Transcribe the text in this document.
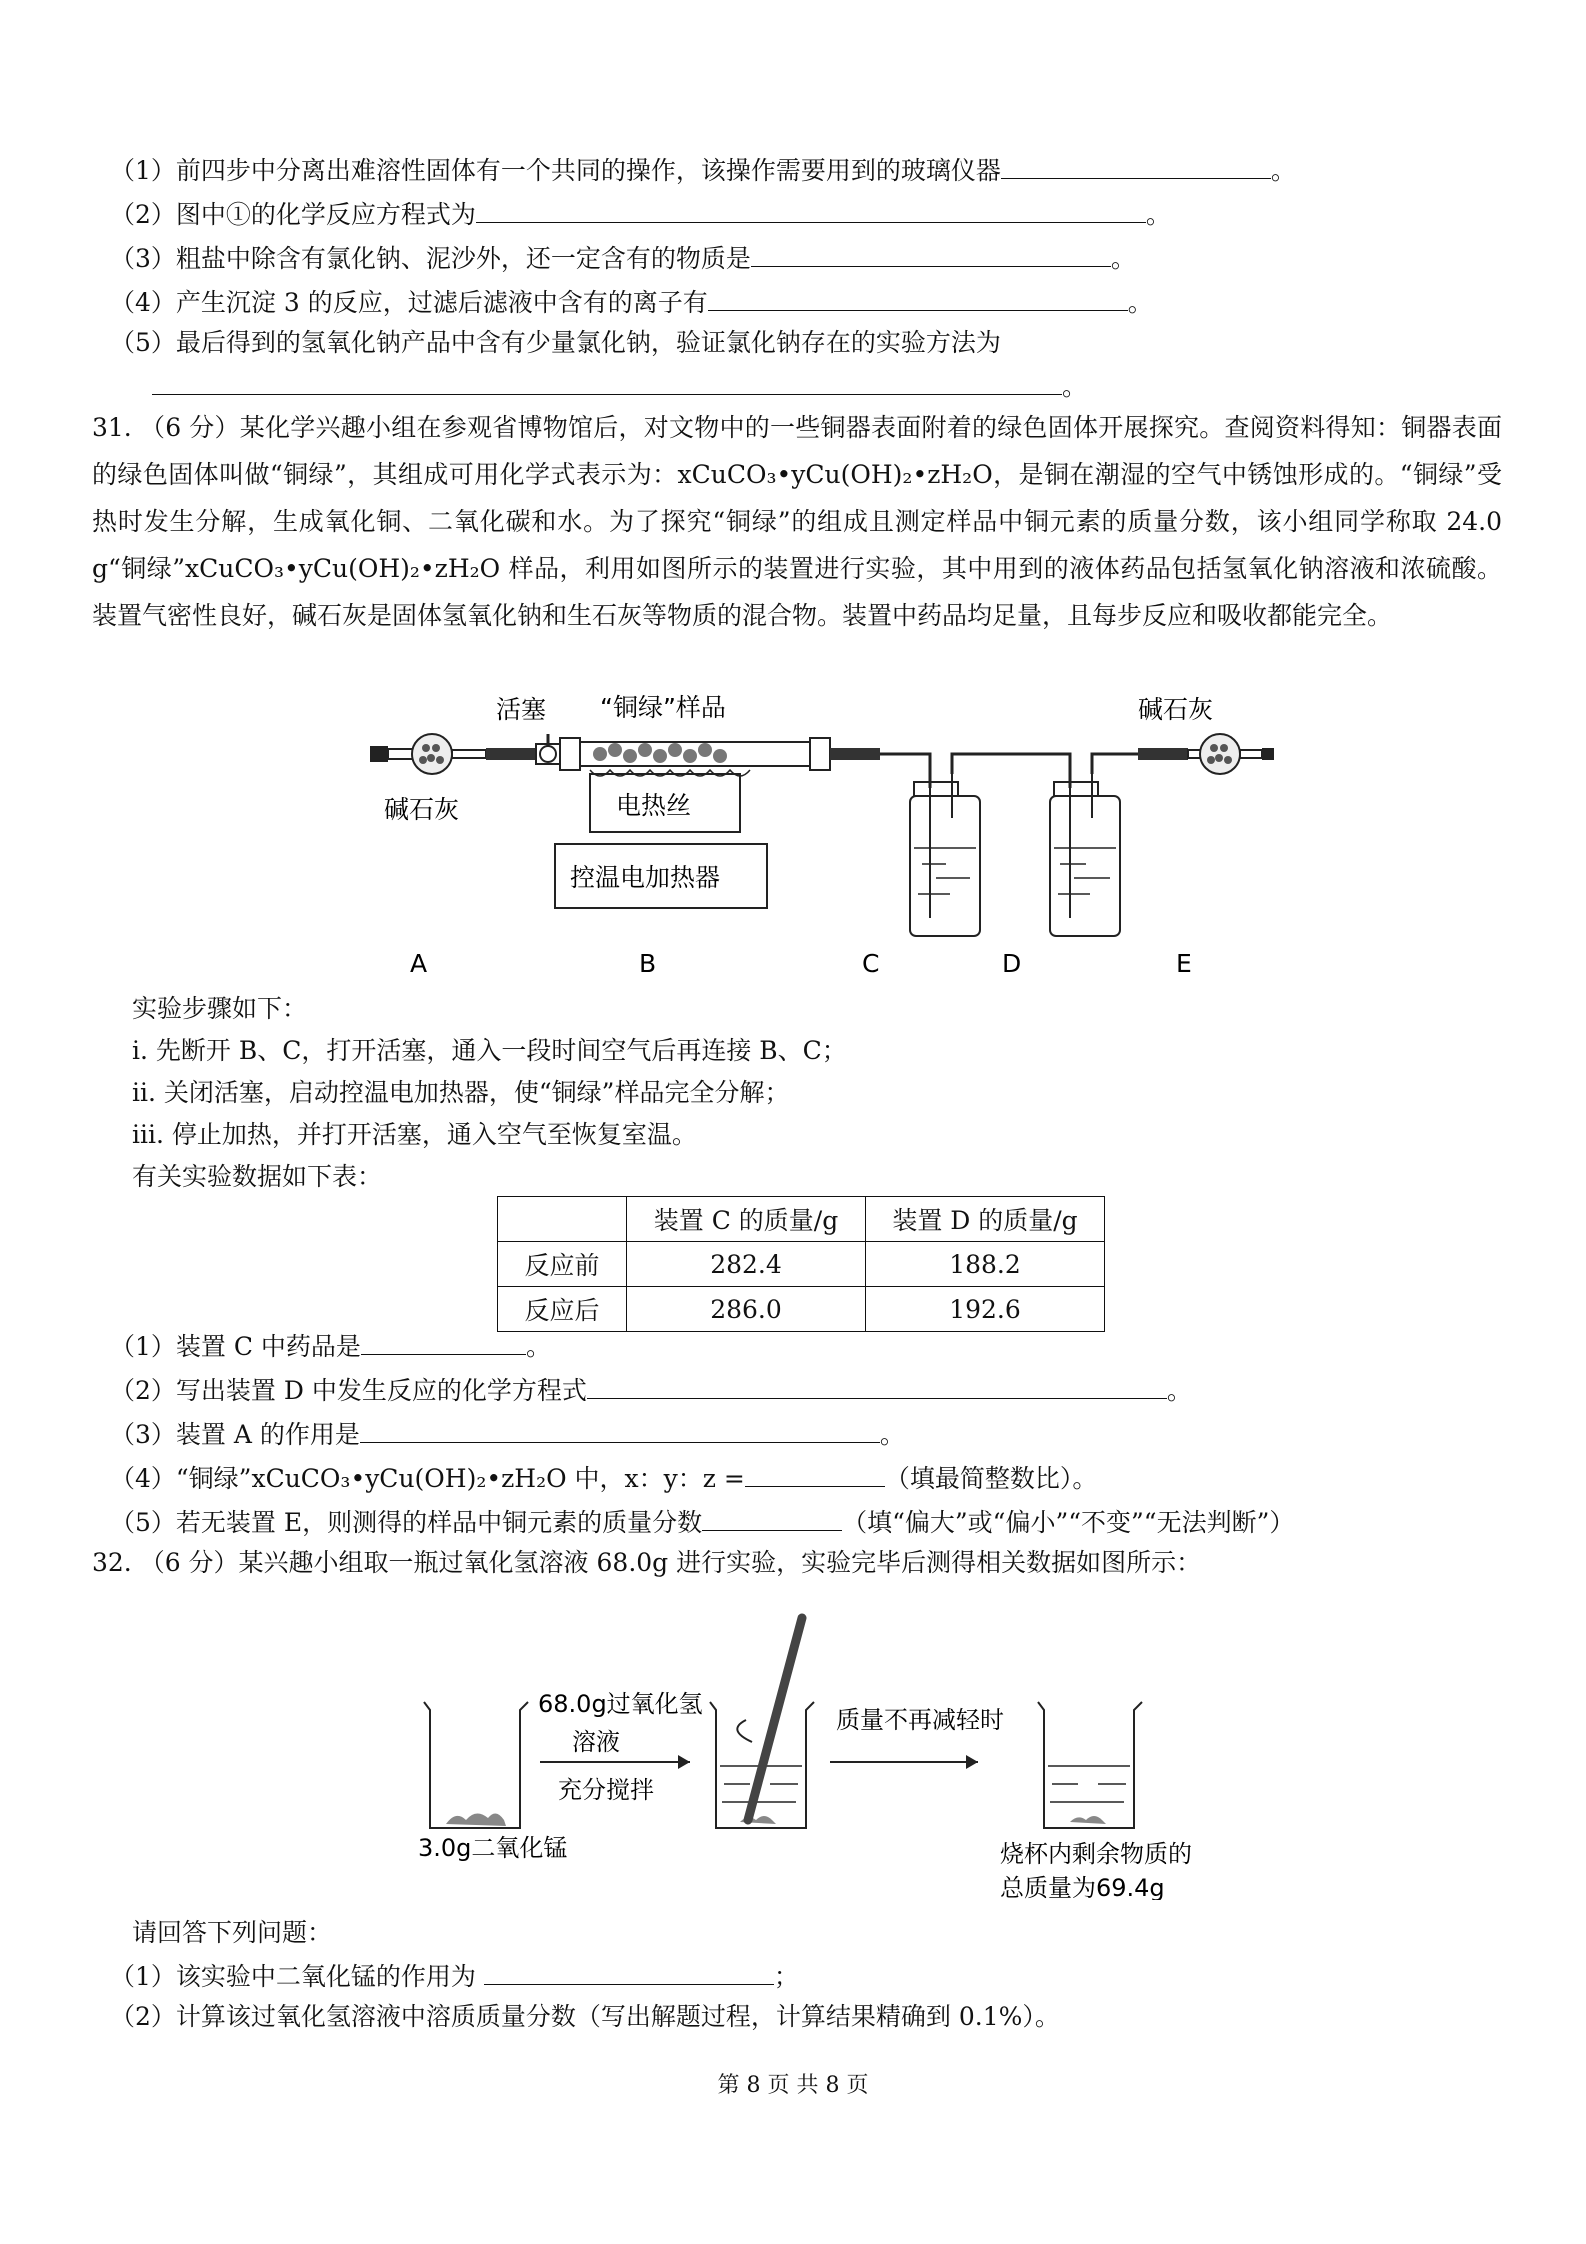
（1）前四步中分离出难溶性固体有一个共同的操作，该操作需要用到的玻璃仪器	。
（2）图中①的化学反应方程式为	。
（3）粗盐中除含有氯化钠、泥沙外，还一定含有的物质是	。
（4）产生沉淀 3 的反应，过滤后滤液中含有的离子有	。
（5）最后得到的氢氧化钠产品中含有少量氯化钠，验证氯化钠存在的实验方法为
。
31. （6 分）某化学兴趣小组在参观省博物馆后，对文物中的一些铜器表面附着的绿色固体开展探究。查阅资料得知：铜器表面的绿色固体叫做“铜绿”，其组成可用化学式表示为：xCuCO₃•yCu(OH)₂•zH₂O，是铜在潮湿的空气中锈蚀形成的。“铜绿”受热时发生分解，生成氧化铜、二氧化碳和水。为了探究“铜绿”的组成且测定样品中铜元素的质量分数，该小组同学称取 24.0 g“铜绿”xCuCO₃•yCu(OH)₂•zH₂O 样品，利用如图所示的装置进行实验，其中用到的液体药品包括氢氧化钠溶液和浓硫酸。装置气密性良好，碱石灰是固体氢氧化钠和生石灰等物质的混合物。装置中药品均足量，且每步反应和吸收都能完全。
活塞 “铜绿”样品	碱石灰
碱石灰	电热丝
控温电加热器
A	B	C	D	E
实验步骤如下：
ⅰ. 先断开 B、C，打开活塞，通入一段时间空气后再连接 B、C；
ⅱ. 关闭活塞，启动控温电加热器，使“铜绿”样品完全分解；
ⅲ. 停止加热，并打开活塞，通入空气至恢复室温。
有关实验数据如下表：
	装置 C 的质量/g	装置 D 的质量/g
反应前	282.4	188.2
反应后	286.0	192.6
（1）装置 C 中药品是	。
（2）写出装置 D 中发生反应的化学方程式	。
（3）装置 A 的作用是	。
（4）“铜绿”xCuCO₃•yCu(OH)₂•zH₂O 中，x：y：z =	（填最简整数比）。
（5）若无装置 E，则测得的样品中铜元素的质量分数	（填“偏大”或“偏小”“不变”“无法判断”）
32. （6 分）某兴趣小组取一瓶过氧化氢溶液 68.0g 进行实验，实验完毕后测得相关数据如图所示：
68.0g过氧化氢
溶液
充分搅拌
3.0g二氧化锰
质量不再减轻时
烧杯内剩余物质的
总质量为69.4g
请回答下列问题：
（1）该实验中二氧化锰的作用为	；
（2）计算该过氧化氢溶液中溶质质量分数（写出解题过程，计算结果精确到 0.1%）。
第 8 页 共 8 页
